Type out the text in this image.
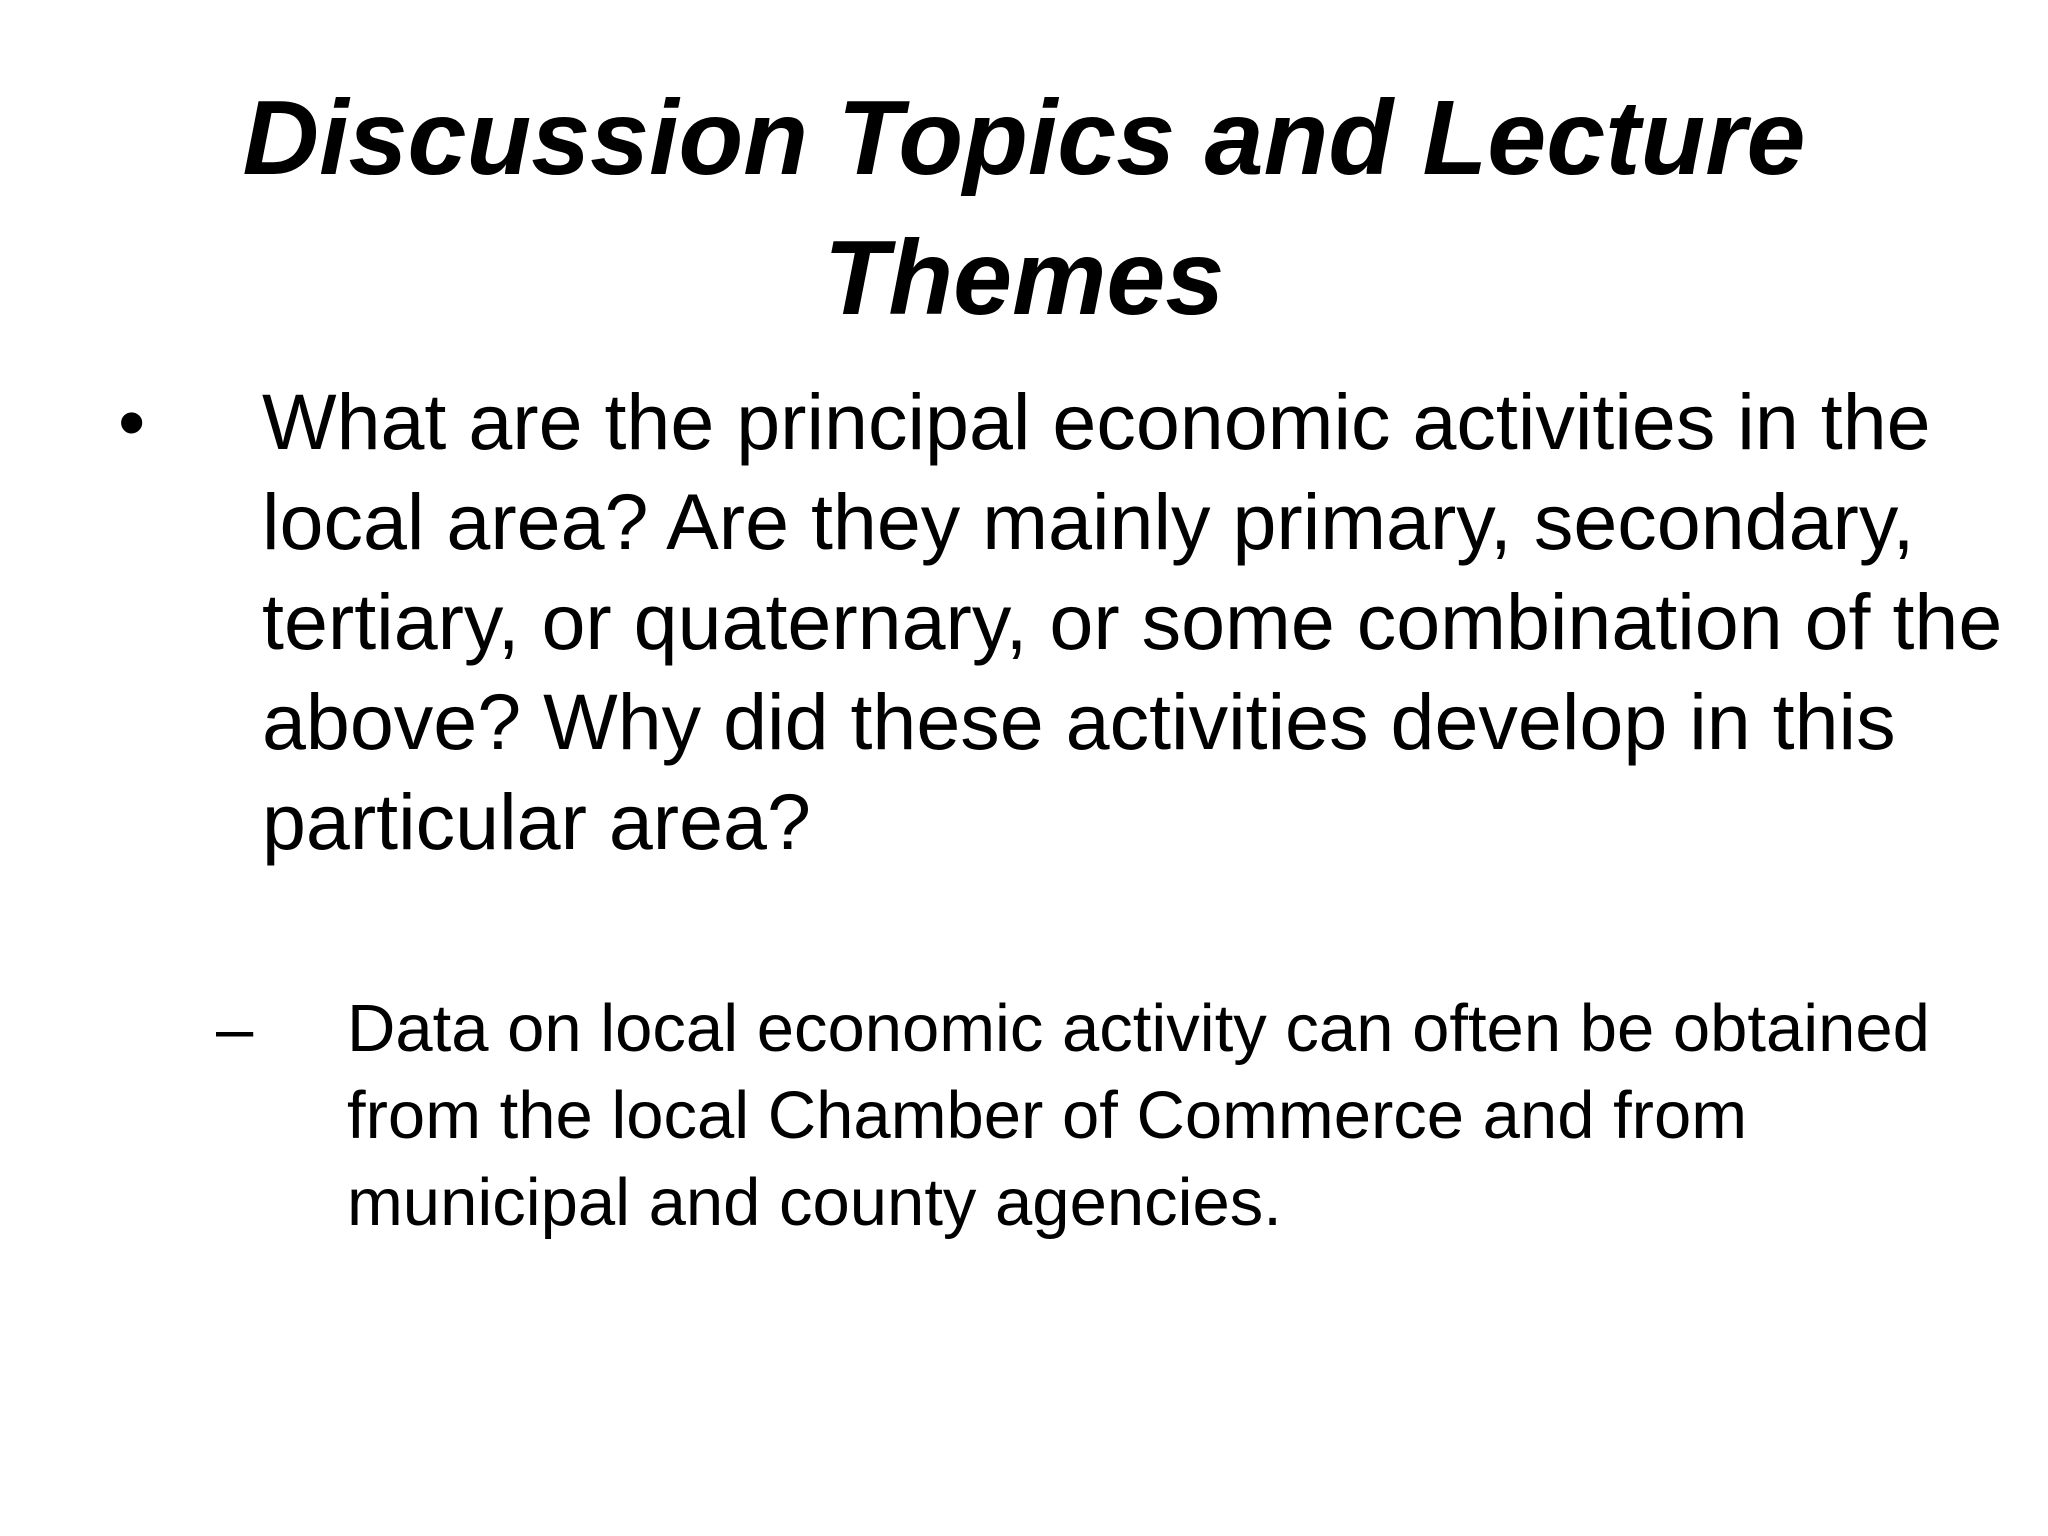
Discussion Topics and Lecture Themes
• What are the principal economic activities in the local area? Are they mainly primary, secondary, tertiary, or quaternary, or some combination of the above? Why did these activities develop in this particular area?

– Data on local economic activity can often be obtained from the local Chamber of Commerce and from municipal and county agencies.
